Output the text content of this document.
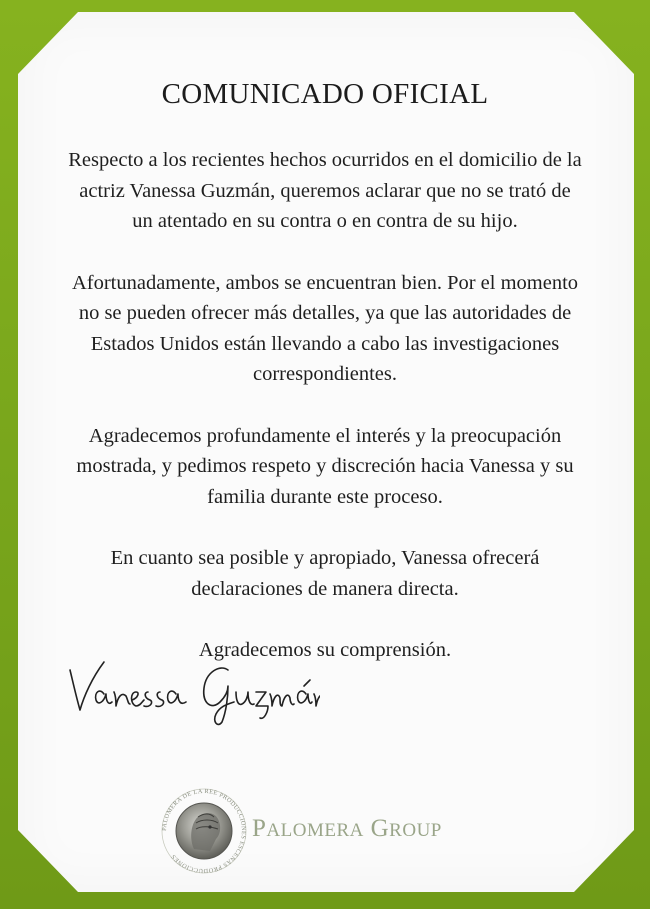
COMUNICADO OFICIAL

Respecto a los recientes hechos ocurridos en el domicilio de la
actriz Vanessa Guzmán, queremos aclarar que no se trató de
un atentado en su contra o en contra de su hijo.

Afortunadamente, ambos se encuentran bien. Por el momento
no se pueden ofrecer más detalles, ya que las autoridades de
Estados Unidos están llevando a cabo las investigaciones
correspondientes.

Agradecemos profundamente el interés y la preocupación
mostrada, y pedimos respeto y discreción hacia Vanessa y su
familia durante este proceso.

En cuanto sea posible y apropiado, Vanessa ofrecerá
declaraciones de manera directa.

Agradecemos su comprensión.

PALOMERA DE LA REE PRODUCCIONES ESCENAS PRODUCCIONES
PALOMERA GROUP
